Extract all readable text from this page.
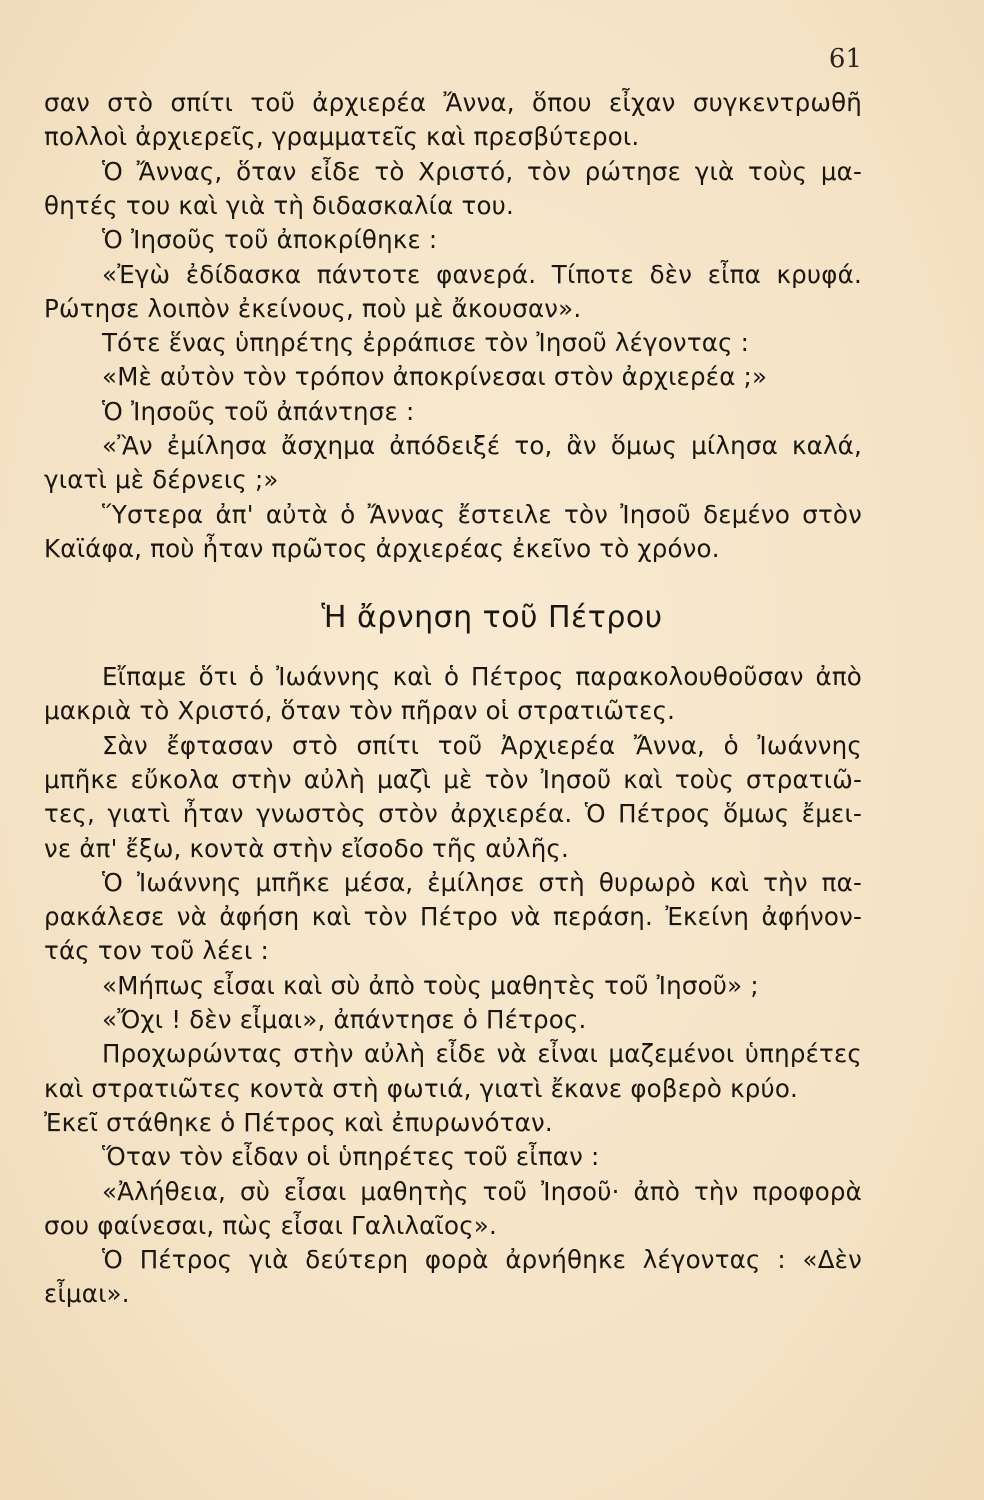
61
σαν στὸ σπίτι τοῦ ἀρχιερέα Ἄννα, ὅπου εἶχαν συγκεντρωθῆ
πολλοὶ ἀρχιερεῖς, γραμματεῖς καὶ πρεσβύτεροι.
Ὁ Ἄννας, ὅταν εἶδε τὸ Χριστό, τὸν ρώτησε γιὰ τοὺς μα-
θητές του καὶ γιὰ τὴ διδασκαλία του.
Ὁ Ἰησοῦς τοῦ ἀποκρίθηκε :
«Ἐγὼ ἐδίδασκα πάντοτε φανερά. Τίποτε δὲν εἶπα κρυφά.
Ρώτησε λοιπὸν ἐκείνους, ποὺ μὲ ἄκουσαν».
Τότε ἕνας ὑπηρέτης ἐρράπισε τὸν Ἰησοῦ λέγοντας :
«Μὲ αὐτὸν τὸν τρόπον ἀποκρίνεσαι στὸν ἀρχιερέα ;»
Ὁ Ἰησοῦς τοῦ ἀπάντησε :
«Ἂν ἐμίλησα ἄσχημα ἀπόδειξέ το, ἂν ὅμως μίλησα καλά,
γιατὶ μὲ δέρνεις ;»
Ὕστερα ἀπ' αὐτὰ ὁ Ἄννας ἔστειλε τὸν Ἰησοῦ δεμένο στὸν
Καϊάφα, ποὺ ἦταν πρῶτος ἀρχιερέας ἐκεῖνο τὸ χρόνο.
Ἡ ἄρνηση τοῦ Πέτρου
Εἴπαμε ὅτι ὁ Ἰωάννης καὶ ὁ Πέτρος παρακολουθοῦσαν ἀπὸ
μακριὰ τὸ Χριστό, ὅταν τὸν πῆραν οἱ στρατιῶτες.
Σὰν ἔφτασαν στὸ σπίτι τοῦ Ἀρχιερέα Ἄννα, ὁ Ἰωάννης
μπῆκε εὔκολα στὴν αὐλὴ μαζὶ μὲ τὸν Ἰησοῦ καὶ τοὺς στρατιῶ-
τες, γιατὶ ἦταν γνωστὸς στὸν ἀρχιερέα. Ὁ Πέτρος ὅμως ἔμει-
νε ἀπ' ἔξω, κοντὰ στὴν εἴσοδο τῆς αὐλῆς.
Ὁ Ἰωάννης μπῆκε μέσα, ἐμίλησε στὴ θυρωρὸ καὶ τὴν πα-
ρακάλεσε νὰ ἀφήση καὶ τὸν Πέτρο νὰ περάση. Ἐκείνη ἀφήνον-
τάς τον τοῦ λέει :
«Μήπως εἶσαι καὶ σὺ ἀπὸ τοὺς μαθητὲς τοῦ Ἰησοῦ» ;
«Ὄχι ! δὲν εἶμαι», ἀπάντησε ὁ Πέτρος.
Προχωρώντας στὴν αὐλὴ εἶδε νὰ εἶναι μαζεμένοι ὑπηρέτες
καὶ στρατιῶτες κοντὰ στὴ φωτιά, γιατὶ ἔκανε φοβερὸ κρύο.
Ἐκεῖ στάθηκε ὁ Πέτρος καὶ ἐπυρωνόταν.
Ὅταν τὸν εἶδαν οἱ ὑπηρέτες τοῦ εἶπαν :
«Ἀλήθεια, σὺ εἶσαι μαθητὴς τοῦ Ἰησοῦ· ἀπὸ τὴν προφορὰ
σου φαίνεσαι, πὼς εἶσαι Γαλιλαῖος».
Ὁ Πέτρος γιὰ δεύτερη φορὰ ἀρνήθηκε λέγοντας : «Δὲν
εἶμαι».
